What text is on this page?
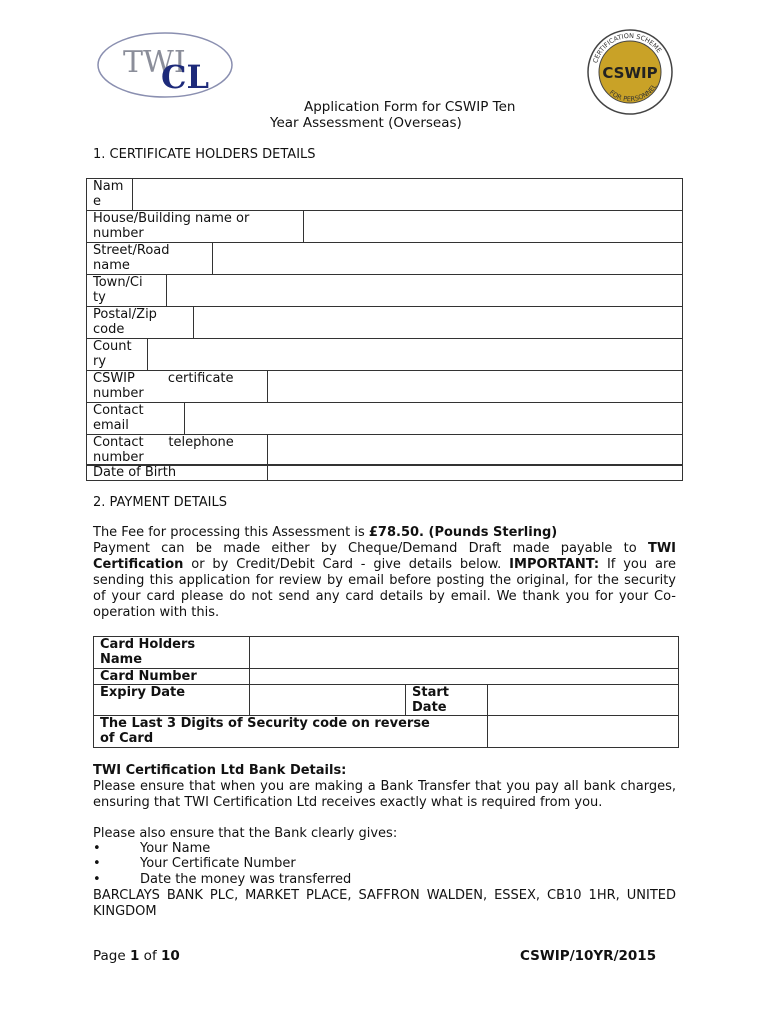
TWI
CL	CERTIFICATION SCHEME
FOR PERSONNEL
CSWIP
Application Form for CSWIP Ten
Year Assessment (Overseas)
1. CERTIFICATE HOLDERS DETAILS
Nam
e	
House/Building name or
number	
Street/Road
name	
Town/Ci
ty	
Postal/Zip
code	
Count
ry	
CSWIP        certificate
number	
Contact
email	
Contact      telephone
number	
Date of Birth	
2. PAYMENT DETAILS
The Fee for processing this Assessment is £78.50. (Pounds Sterling)
Payment can be made either by Cheque/Demand Draft made payable to TWI Certification or by Credit/Debit Card - give details below. IMPORTANT: If you are sending this application for review by email before posting the original, for the security of your card please do not send any card details by email. We thank you for your Co-operation with this.
Card Holders
Name			
Card Number			
Expiry Date		Start
Date	
The Last 3 Digits of Security code on reverse
of Card			
TWI Certification Ltd Bank Details:
Please ensure that when you are making a Bank Transfer that you pay all bank charges, ensuring that TWI Certification Ltd receives exactly what is required from you.
Please also ensure that the Bank clearly gives:
•	Your Name
•	Your Certificate Number
•	Date the money was transferred
BARCLAYS BANK PLC, MARKET PLACE, SAFFRON WALDEN, ESSEX, CB10 1HR, UNITED KINGDOM
Page 1 of 10	CSWIP/10YR/2015
